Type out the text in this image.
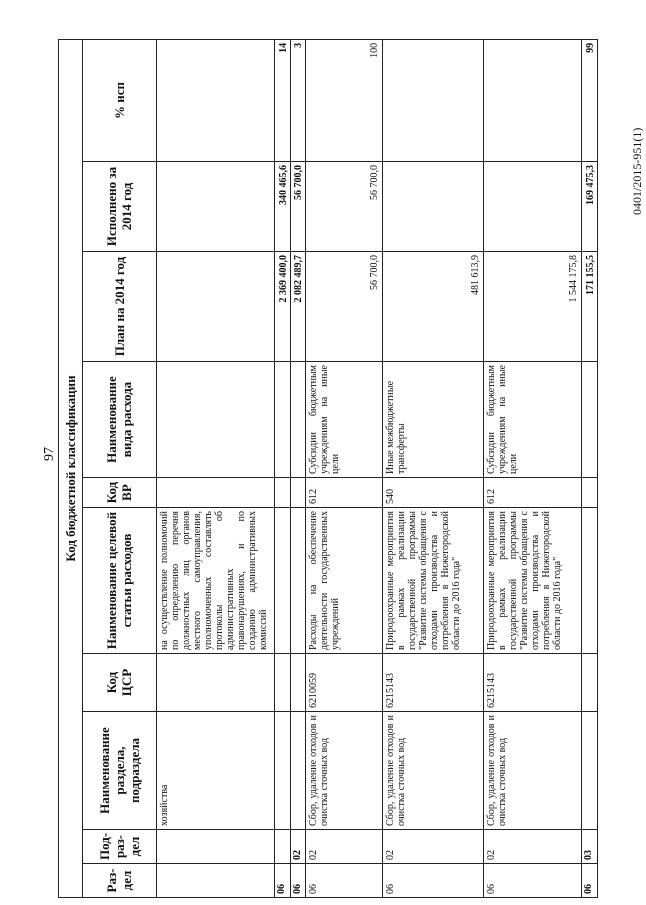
97
0401/2015-951(1)
Код бюджетной классификации									
Раз-дел	Под-раз-дел	Наименование раздела, подраздела	Код ЦСР	Наименование целевой статьи расходов	Код ВР	Наименование вида расхода	План на 2014 год	Исполнено за 2014 год	% исп
		хозяйства		на осуществление полномочий по определению перечня должностных лиц органов местного самоуправления, уполномоченных составлять протоколы об административных правонарушениях, и по созданию административных комиссий					
06							2 369 400,0	340 465,6	14
06	02						2 082 489,7	56 700,0	3
06	02	Сбор, удаление отходов и очистка сточных вод	6210059	Расходы на обеспечение деятельности государственных учреждений	612	Субсидии бюджетным учреждениям на иные цели	56 700,0	56 700,0	100
06	02	Сбор, удаление отходов и очистка сточных вод	6215143	Природоохранные мероприятия в рамках реализации государственной программы "Развитие системы обращения с отходами производства и потребления в Нижегородской области до 2016 года"	540	Иные межбюджетные трансферты	481 613,9		
06	02	Сбор, удаление отходов и очистка сточных вод	6215143	Природоохранные мероприятия в рамках реализации государственной программы "Развитие системы обращения с отходами производства и потребления в Нижегородской области до 2016 года"	612	Субсидии бюджетным учреждениям на иные цели	1 544 175,8		
06	03						171 155,5	169 475,3	99
